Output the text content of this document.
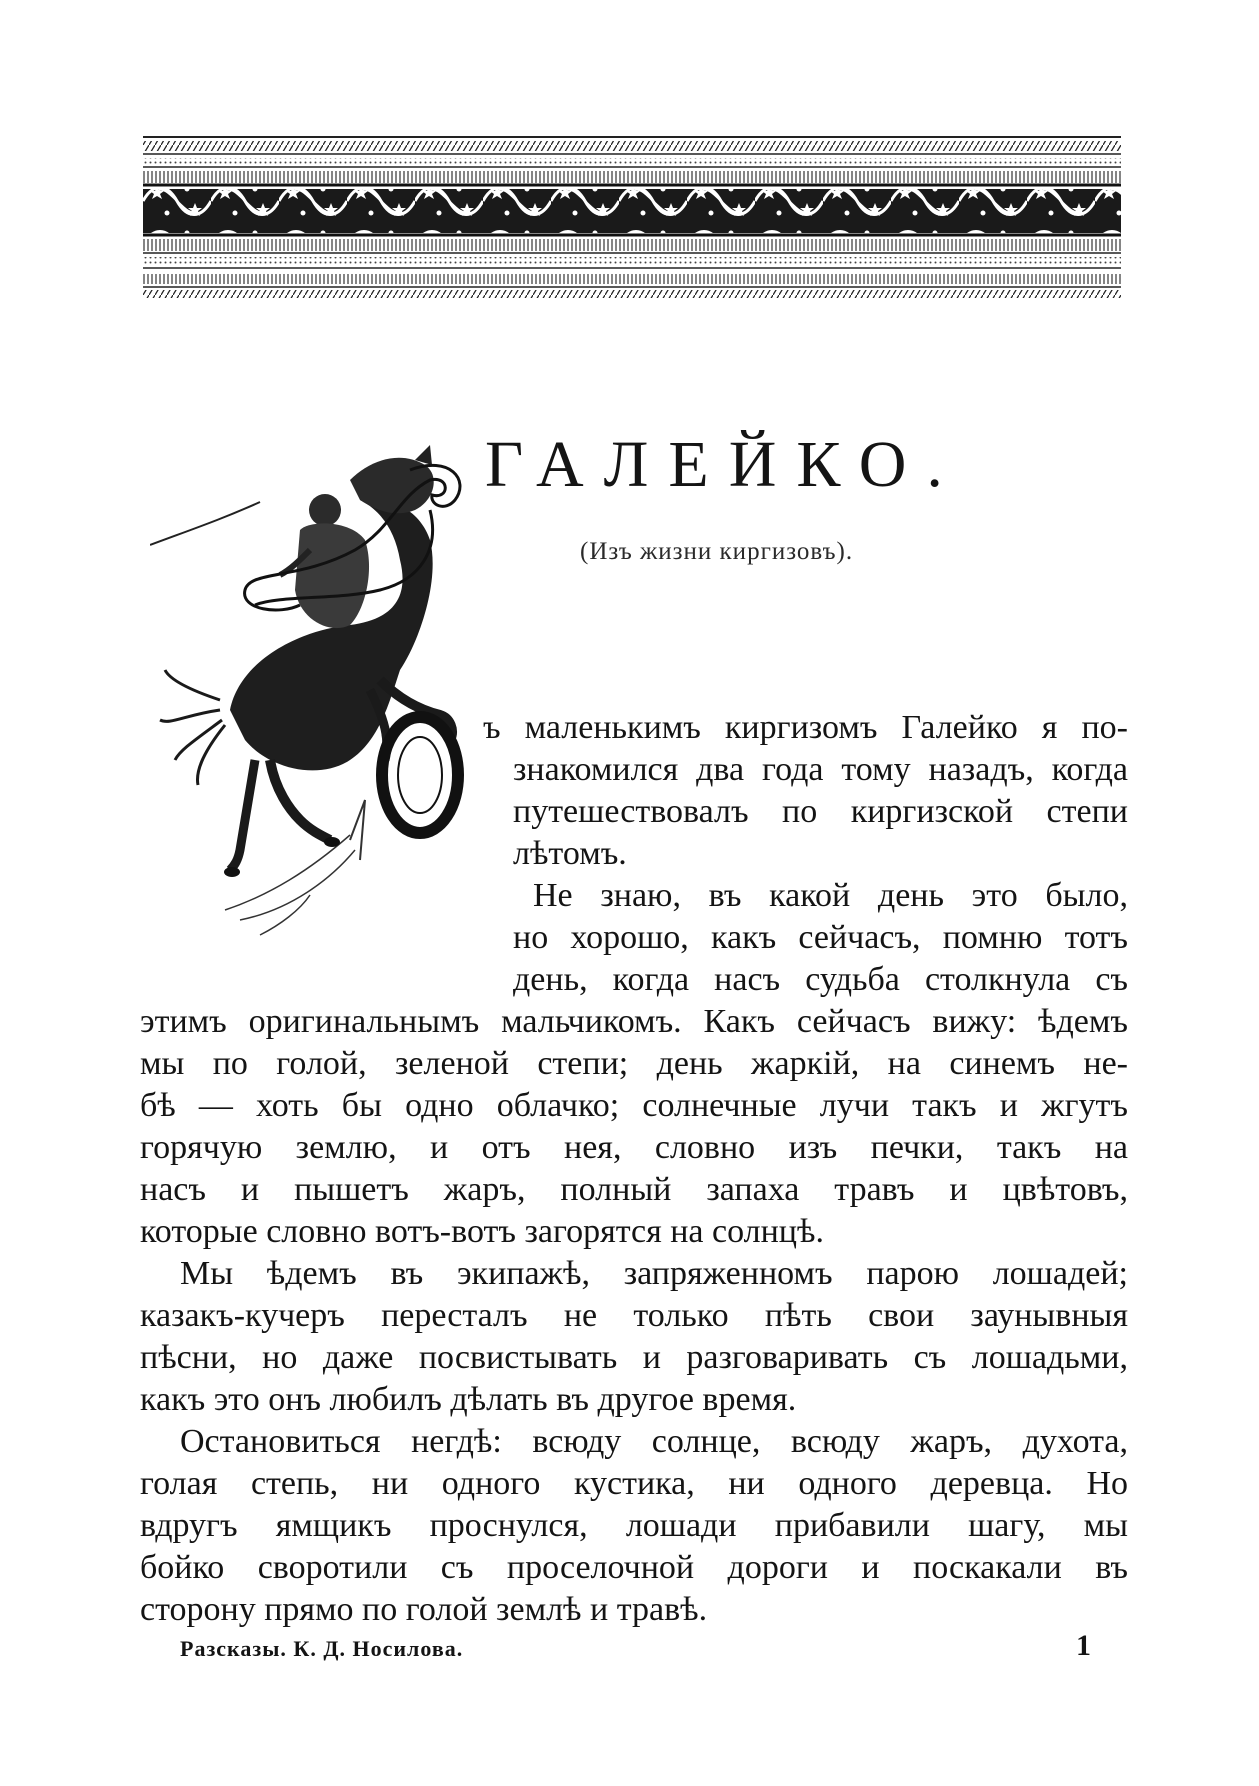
ГАЛЕЙКО.
(Изъ жизни киргизовъ).
ъ маленькимъ киргизомъ Галейко я по-
знакомился два года тому назадъ, когда
путешествовалъ по киргизской степи
лѣтомъ.
Не знаю, въ какой день это было,
но хорошо, какъ сейчасъ, помню тотъ
день, когда насъ судьба столкнула съ
этимъ оригинальнымъ мальчикомъ. Какъ сейчасъ вижу: ѣдемъ
мы по голой, зеленой степи; день жаркій, на синемъ не-
бѣ — хоть бы одно облачко; солнечные лучи такъ и жгутъ
горячую землю, и отъ нея, словно изъ печки, такъ на
насъ и пышетъ жаръ, полный запаха травъ и цвѣтовъ,
которые словно вотъ-вотъ загорятся на солнцѣ.
Мы ѣдемъ въ экипажѣ, запряженномъ парою лошадей;
казакъ-кучеръ пересталъ не только пѣть свои заунывныя
пѣсни, но даже посвистывать и разговаривать съ лошадьми,
какъ это онъ любилъ дѣлать въ другое время.
Остановиться негдѣ: всюду солнце, всюду жаръ, духота,
голая степь, ни одного кустика, ни одного деревца. Но
вдругъ ямщикъ проснулся, лошади прибавили шагу, мы
бойко своротили съ проселочной дороги и поскакали въ
сторону прямо по голой землѣ и травѣ.
Разсказы. К. Д. Носилова.	1
